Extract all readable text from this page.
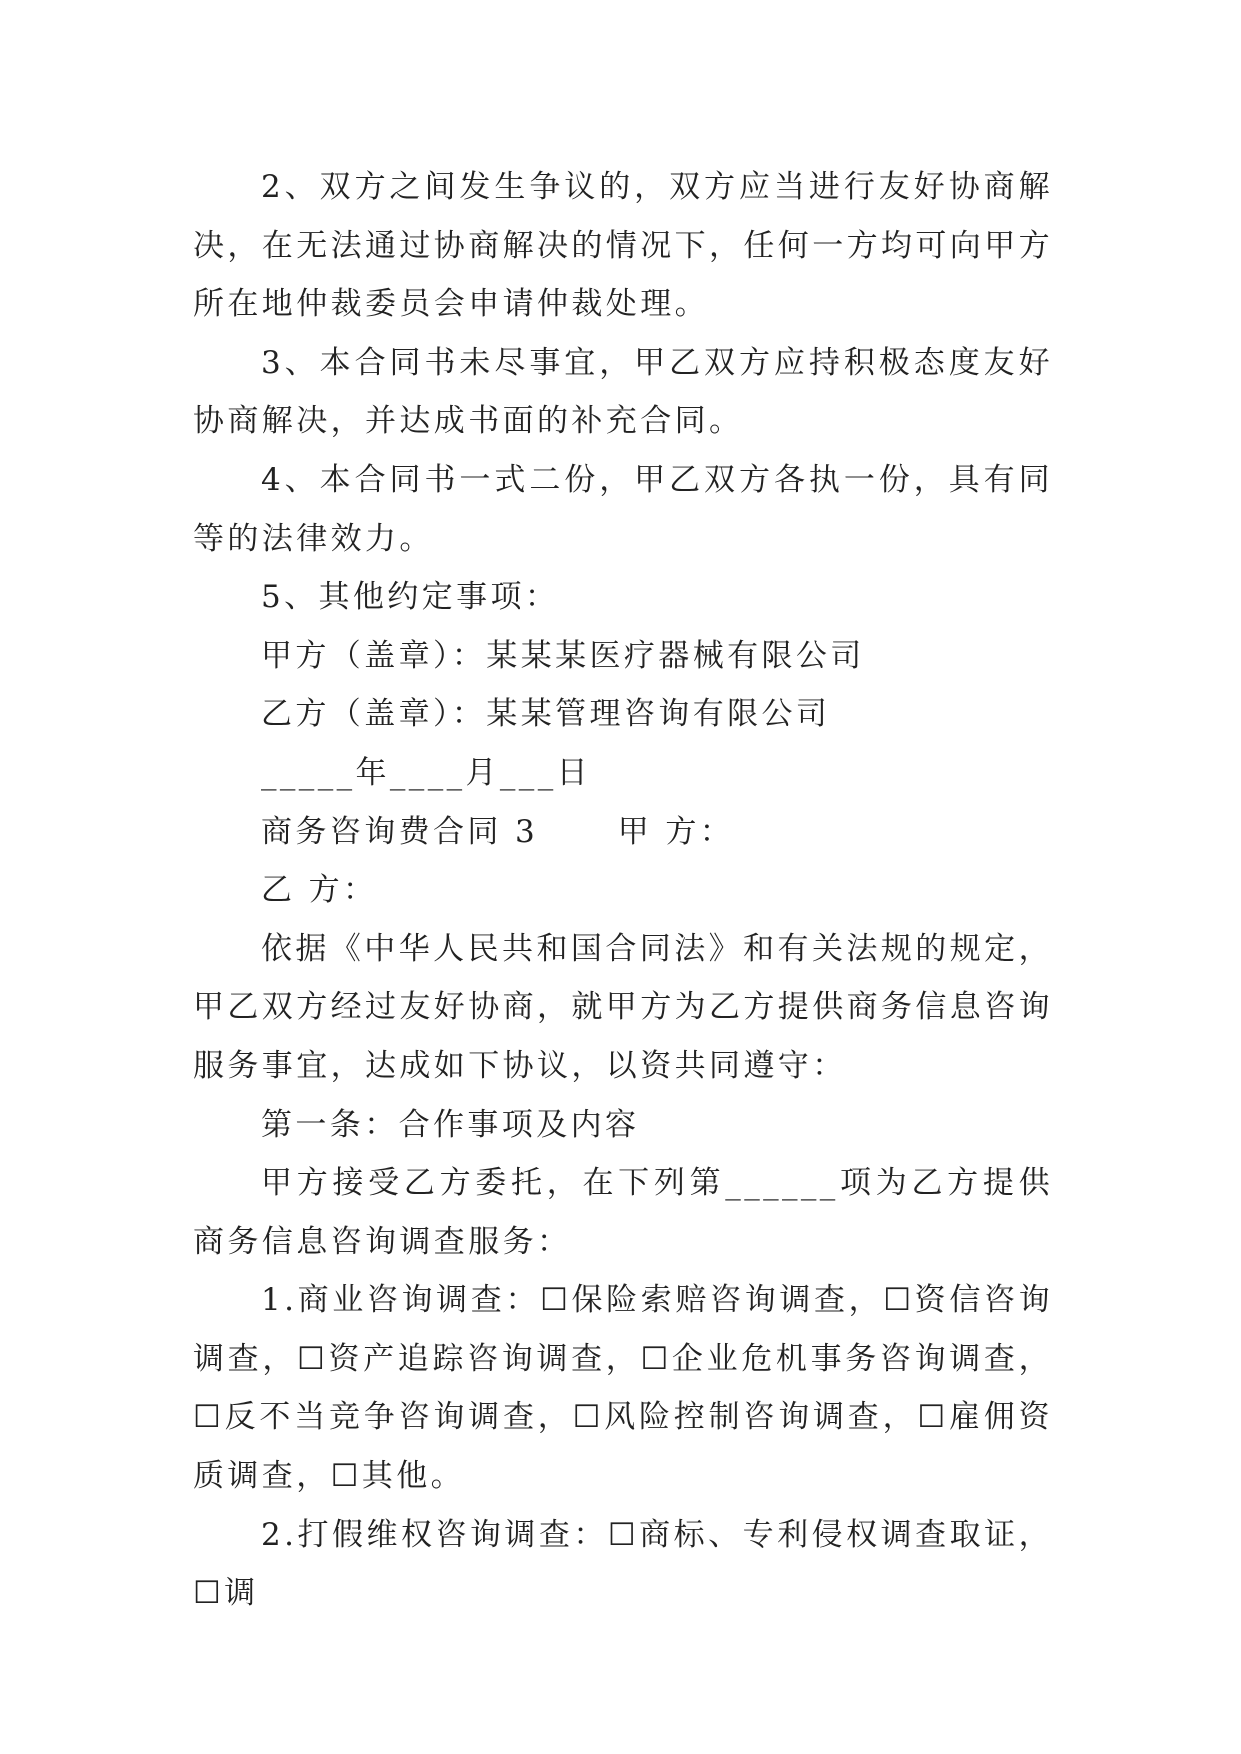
2、双方之间发生争议的，双方应当进行友好协商解决，在无法通过协商解决的情况下，任何一方均可向甲方所在地仲裁委员会申请仲裁处理。

3、本合同书未尽事宜，甲乙双方应持积极态度友好协商解决，并达成书面的补充合同。

4、本合同书一式二份，甲乙双方各执一份，具有同等的法律效力。

5、其他约定事项：

甲方（盖章）：某某某医疗器械有限公司

乙方（盖章）：某某管理咨询有限公司

_____年____月___日

商务咨询费合同 3      甲 方：

乙 方：

依据《中华人民共和国合同法》和有关法规的规定，甲乙双方经过友好协商，就甲方为乙方提供商务信息咨询服务事宜，达成如下协议，以资共同遵守：

第一条：合作事项及内容

甲方接受乙方委托，在下列第______项为乙方提供商务信息咨询调查服务：

1.商业咨询调查：☐保险索赔咨询调查，☐资信咨询调查，☐资产追踪咨询调查，☐企业危机事务咨询调查，☐反不当竞争咨询调查，☐风险控制咨询调查，☐雇佣资质调查，☐其他。

2.打假维权咨询调查：☐商标、专利侵权调查取证，☐调
